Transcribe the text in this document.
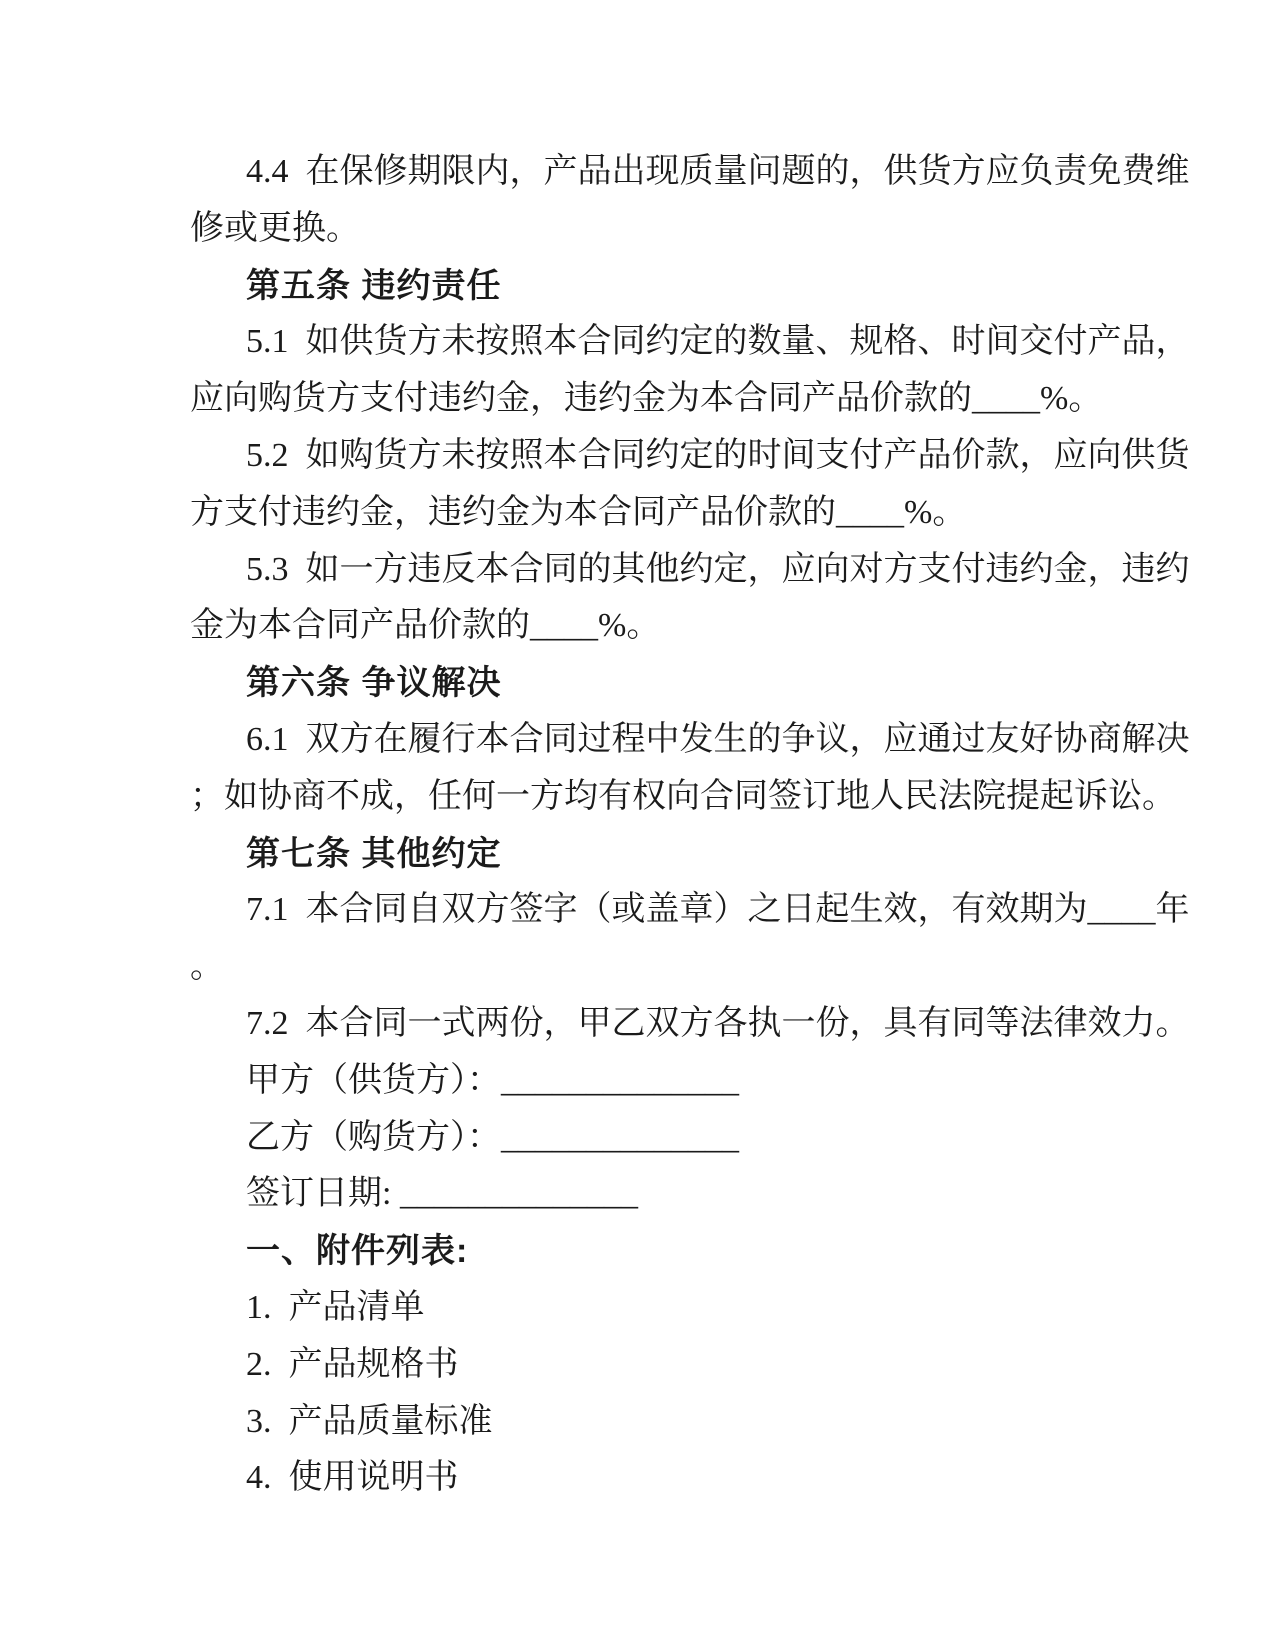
4.4  在保修期限内，产品出现质量问题的，供货方应负责免费维
修或更换。
第五条 违约责任
5.1  如供货方未按照本合同约定的数量、规格、时间交付产品，
应向购货方支付违约金，违约金为本合同产品价款的____%。
5.2  如购货方未按照本合同约定的时间支付产品价款，应向供货
方支付违约金，违约金为本合同产品价款的____%。
5.3  如一方违反本合同的其他约定，应向对方支付违约金，违约
金为本合同产品价款的____%。
第六条 争议解决
6.1  双方在履行本合同过程中发生的争议，应通过友好协商解决
；如协商不成，任何一方均有权向合同签订地人民法院提起诉讼。
第七条 其他约定
7.1  本合同自双方签字（或盖章）之日起生效，有效期为____年
。
7.2  本合同一式两份，甲乙双方各执一份，具有同等法律效力。
甲方（供货方）：______________
乙方（购货方）：______________
签订日期: ______________
一、附件列表:
1.  产品清单
2.  产品规格书
3.  产品质量标准
4.  使用说明书
